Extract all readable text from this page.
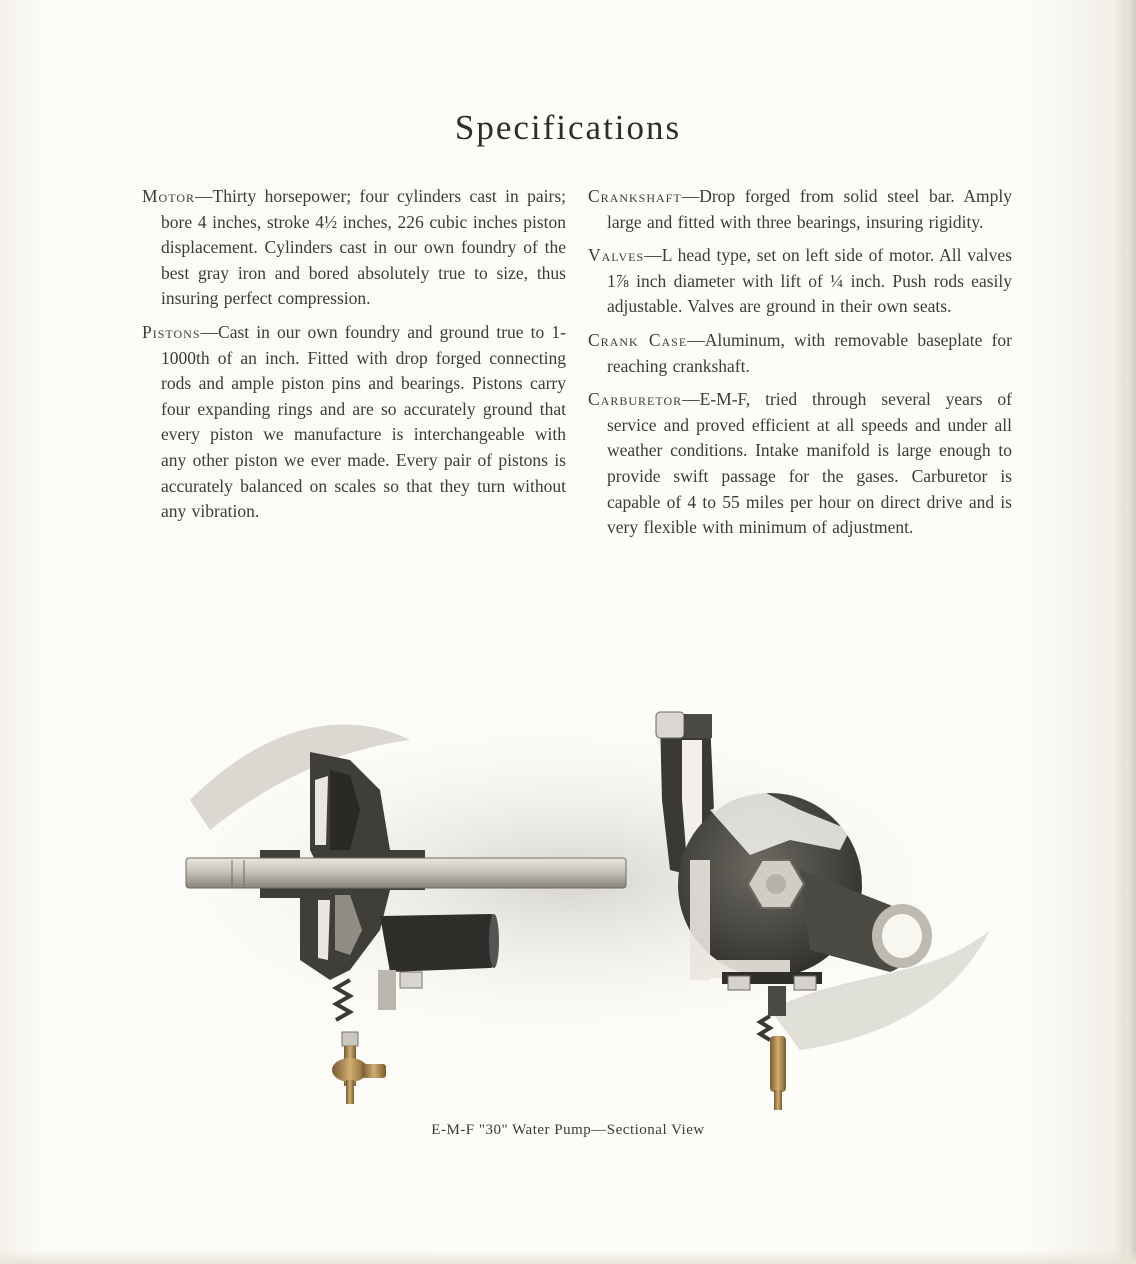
Specifications

Motor—Thirty horsepower; four cylinders cast in pairs; bore 4 inches, stroke 4½ inches, 226 cubic inches piston displacement. Cylinders cast in our own foundry of the best gray iron and bored absolutely true to size, thus insuring perfect compression.

Pistons—Cast in our own foundry and ground true to 1-1000th of an inch. Fitted with drop forged connecting rods and ample piston pins and bearings. Pistons carry four expanding rings and are so accurately ground that every piston we manufacture is interchangeable with any other piston we ever made. Every pair of pistons is accurately balanced on scales so that they turn without any vibration.

Crankshaft—Drop forged from solid steel bar. Amply large and fitted with three bearings, insuring rigidity.

Valves—L head type, set on left side of motor. All valves 1⅞ inch diameter with lift of ¼ inch. Push rods easily adjustable. Valves are ground in their own seats.

Crank Case—Aluminum, with removable baseplate for reaching crankshaft.

Carburetor—E-M-F, tried through several years of service and proved efficient at all speeds and under all weather conditions. Intake manifold is large enough to provide swift passage for the gases. Carburetor is capable of 4 to 55 miles per hour on direct drive and is very flexible with minimum of adjustment.

E-M-F "30" Water Pump—Sectional View
